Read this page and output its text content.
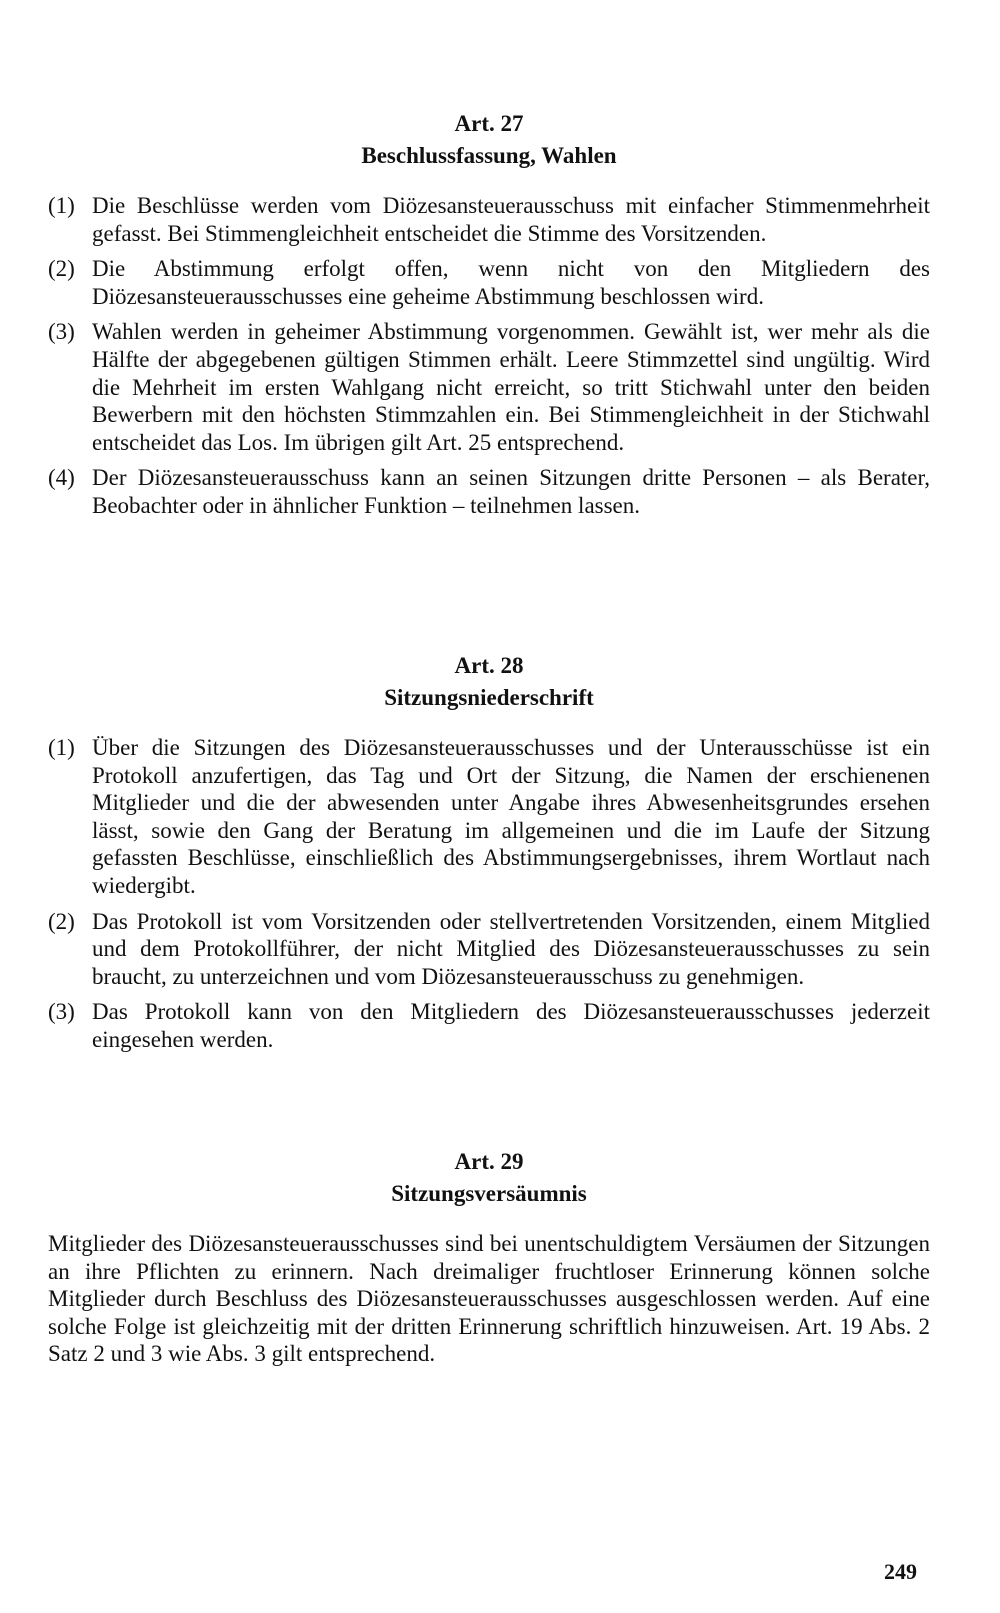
Art. 27
Beschlussfassung, Wahlen
(1) Die Beschlüsse werden vom Diözesansteuerausschuss mit einfacher Stimmenmehrheit gefasst. Bei Stimmengleichheit entscheidet die Stimme des Vorsitzenden.
(2) Die Abstimmung erfolgt offen, wenn nicht von den Mitgliedern des Diözesansteuerausschusses eine geheime Abstimmung beschlossen wird.
(3) Wahlen werden in geheimer Abstimmung vorgenommen. Gewählt ist, wer mehr als die Hälfte der abgegebenen gültigen Stimmen erhält. Leere Stimmzettel sind ungültig. Wird die Mehrheit im ersten Wahlgang nicht erreicht, so tritt Stichwahl unter den beiden Bewerbern mit den höchsten Stimmzahlen ein. Bei Stimmengleichheit in der Stichwahl entscheidet das Los. Im übrigen gilt Art. 25 entsprechend.
(4) Der Diözesansteuerausschuss kann an seinen Sitzungen dritte Personen – als Berater, Beobachter oder in ähnlicher Funktion – teilnehmen lassen.
Art. 28
Sitzungsniederschrift
(1) Über die Sitzungen des Diözesansteuerausschusses und der Unterausschüsse ist ein Protokoll anzufertigen, das Tag und Ort der Sitzung, die Namen der erschienenen Mitglieder und die der abwesenden unter Angabe ihres Abwesenheitsgrundes ersehen lässt, sowie den Gang der Beratung im allgemeinen und die im Laufe der Sitzung gefassten Beschlüsse, einschließlich des Abstimmungsergebnisses, ihrem Wortlaut nach wiedergibt.
(2) Das Protokoll ist vom Vorsitzenden oder stellvertretenden Vorsitzenden, einem Mitglied und dem Protokollführer, der nicht Mitglied des Diözesansteuerausschusses zu sein braucht, zu unterzeichnen und vom Diözesansteuerausschuss zu genehmigen.
(3) Das Protokoll kann von den Mitgliedern des Diözesansteuerausschusses jederzeit eingesehen werden.
Art. 29
Sitzungsversäumnis
Mitglieder des Diözesansteuerausschusses sind bei unentschuldigtem Versäumen der Sitzungen an ihre Pflichten zu erinnern. Nach dreimaliger fruchtloser Erinnerung können solche Mitglieder durch Beschluss des Diözesansteuerausschusses ausgeschlossen werden. Auf eine solche Folge ist gleichzeitig mit der dritten Erinnerung schriftlich hinzuweisen. Art. 19 Abs. 2 Satz 2 und 3 wie Abs. 3 gilt entsprechend.
249
